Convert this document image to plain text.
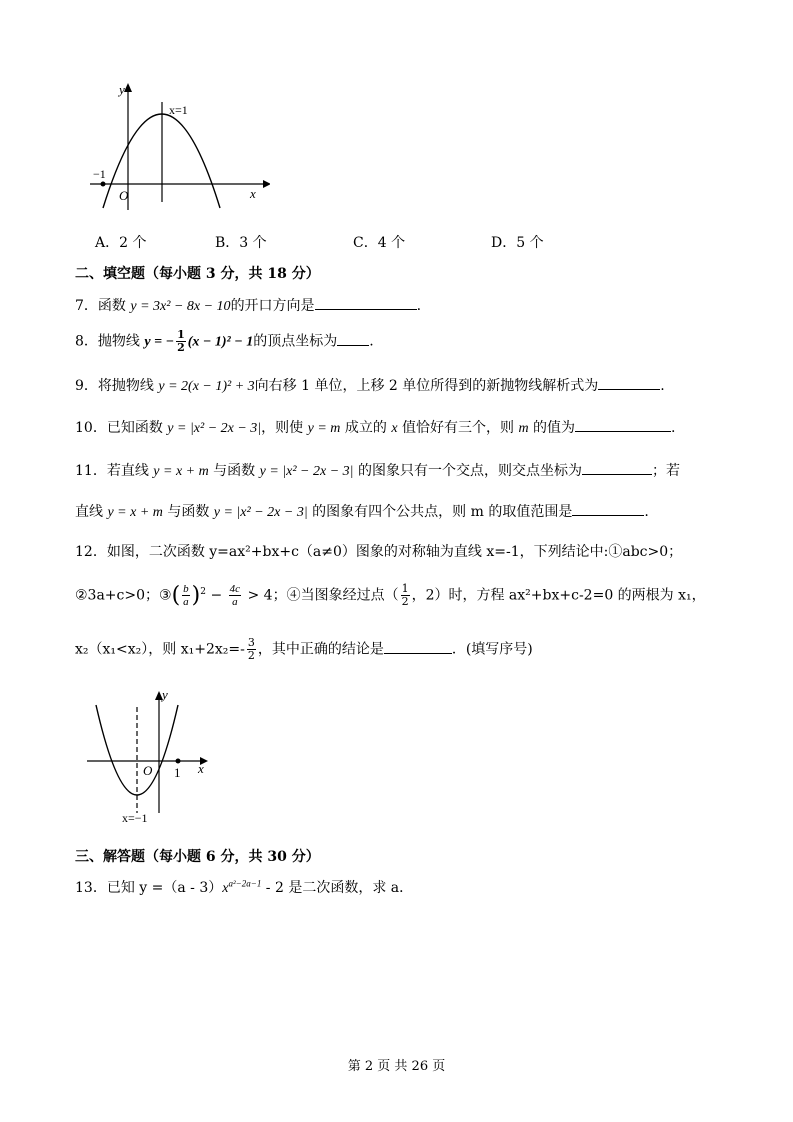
y
x
O
x=1
−1
A．2 个	B．3 个	C．4 个	D．5 个
二、填空题（每小题 3 分，共 18 分）
7．函数 y = 3x² − 8x − 10的开口方向是	.
8．抛物线 y = − $\frac{1}{2} (x - 1)^2 - 1$的顶点坐标为 .
9．将抛物线 y = 2(x − 1)² + 3向右移 1 单位，上移 2 单位所得到的新抛物线解析式为	.
10．已知函数 y = |x² − 2x − 3|，则使 y = m 成立的 x 值恰好有三个，则 m 的值为	.
11．若直线 y = x + m 与函数 y = |x² − 2x − 3| 的图象只有一个交点，则交点坐标为	；若
直线 y = x + m 与函数 y = |x² − 2x − 3| 的图象有四个公共点，则 m 的取值范围是	.
12．如图，二次函数 y=ax²+bx+c（a≠0）图象的对称轴为直线 x=-1，下列结论中:①abc>0；
②3a+c>0；③( $\frac{b}{a} )^2 - \frac{4c}{a} > 4$；④当图象经过点（ $\frac{1}{2}$ ，2）时，方程 ax²+bx+c-2=0 的两根为 x₁，
x₂（x₁<x₂），则 $x_1+2x_2=- \frac{3}{2}$ ，其中正确的结论是	．(填写序号)
y
x
O 1
x=−1
三、解答题（每小题 6 分，共 30 分）
13．已知 $y =(a - 3)x^{a^2-2a-1} - 2$ 是二次函数，求 a．
第 2 页 共 26 页
